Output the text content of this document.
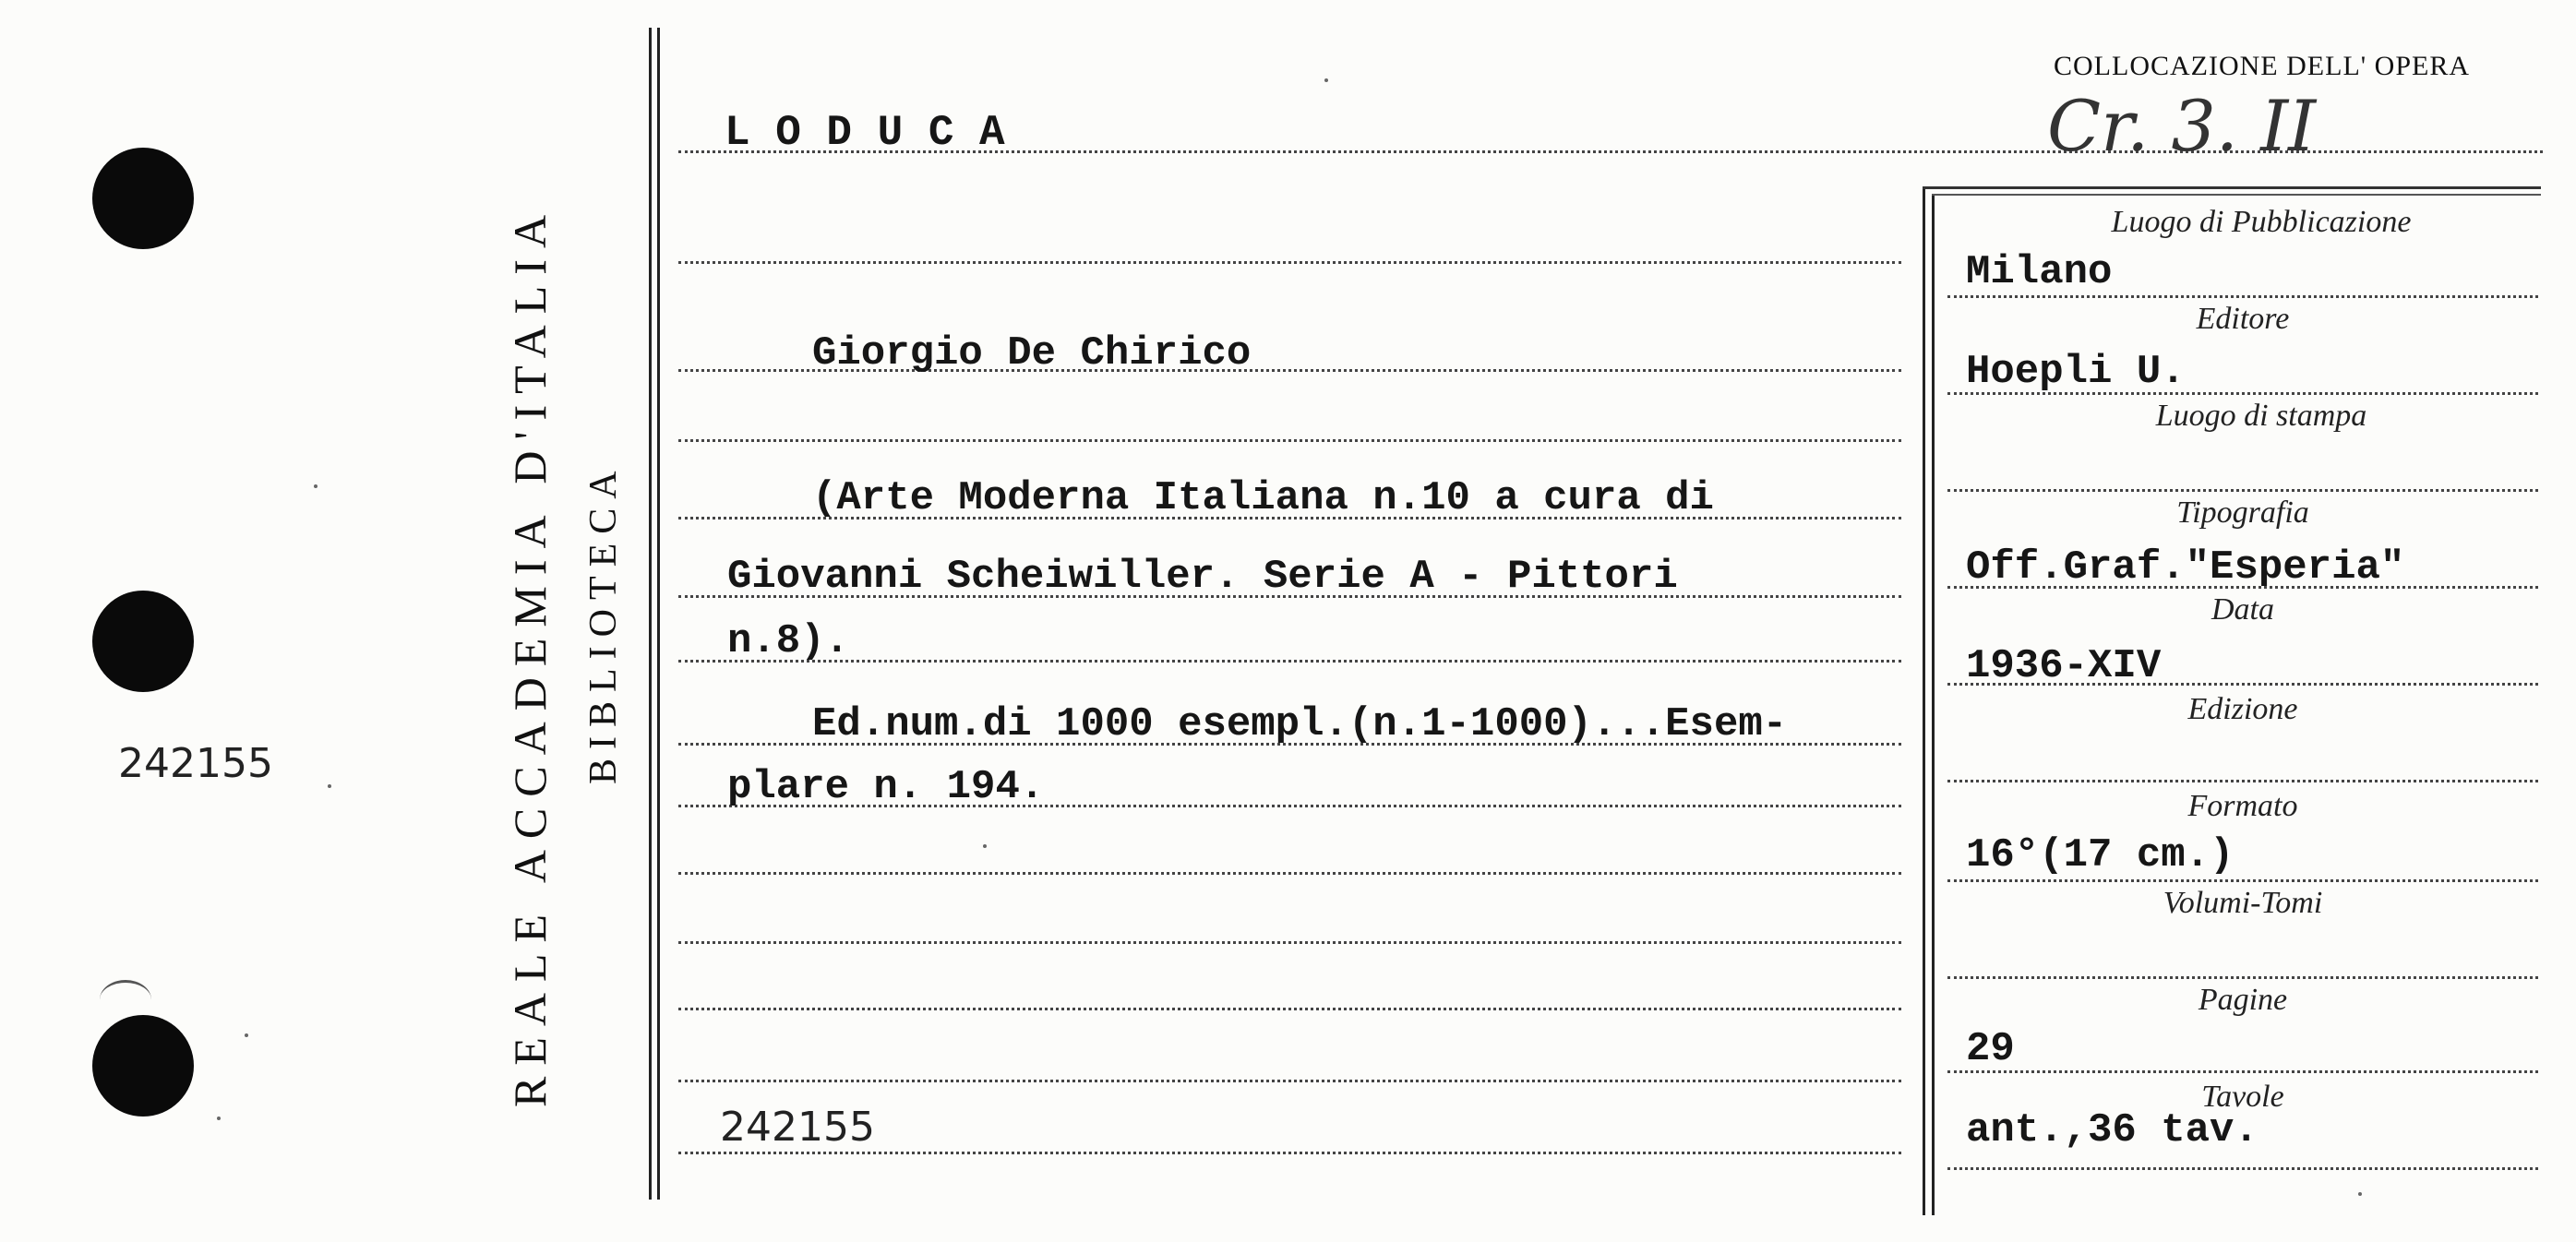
242155	REALE ACCADEMIA D'ITALIA BIBLIOTECA
COLLOCAZIONE DELL' OPERA
Cr. 3. II
L O D U C A
Giorgio De Chirico
(Arte Moderna Italiana n.10 a cura di
Giovanni Scheiwiller. Serie A - Pittori
n.8).
Ed.num.di 1000 esempl.(n.1-1000)...Esem-
plare n. 194.
242155
Luogo di Pubblicazione
Editore
Luogo di stampa
Tipografia
Data
Edizione
Formato
Volumi-Tomi
Pagine
Tavole
Milano
Hoepli U.
Off.Graf."Esperia"
1936-XIV
16°(17 cm.)
29
ant.,36 tav.
